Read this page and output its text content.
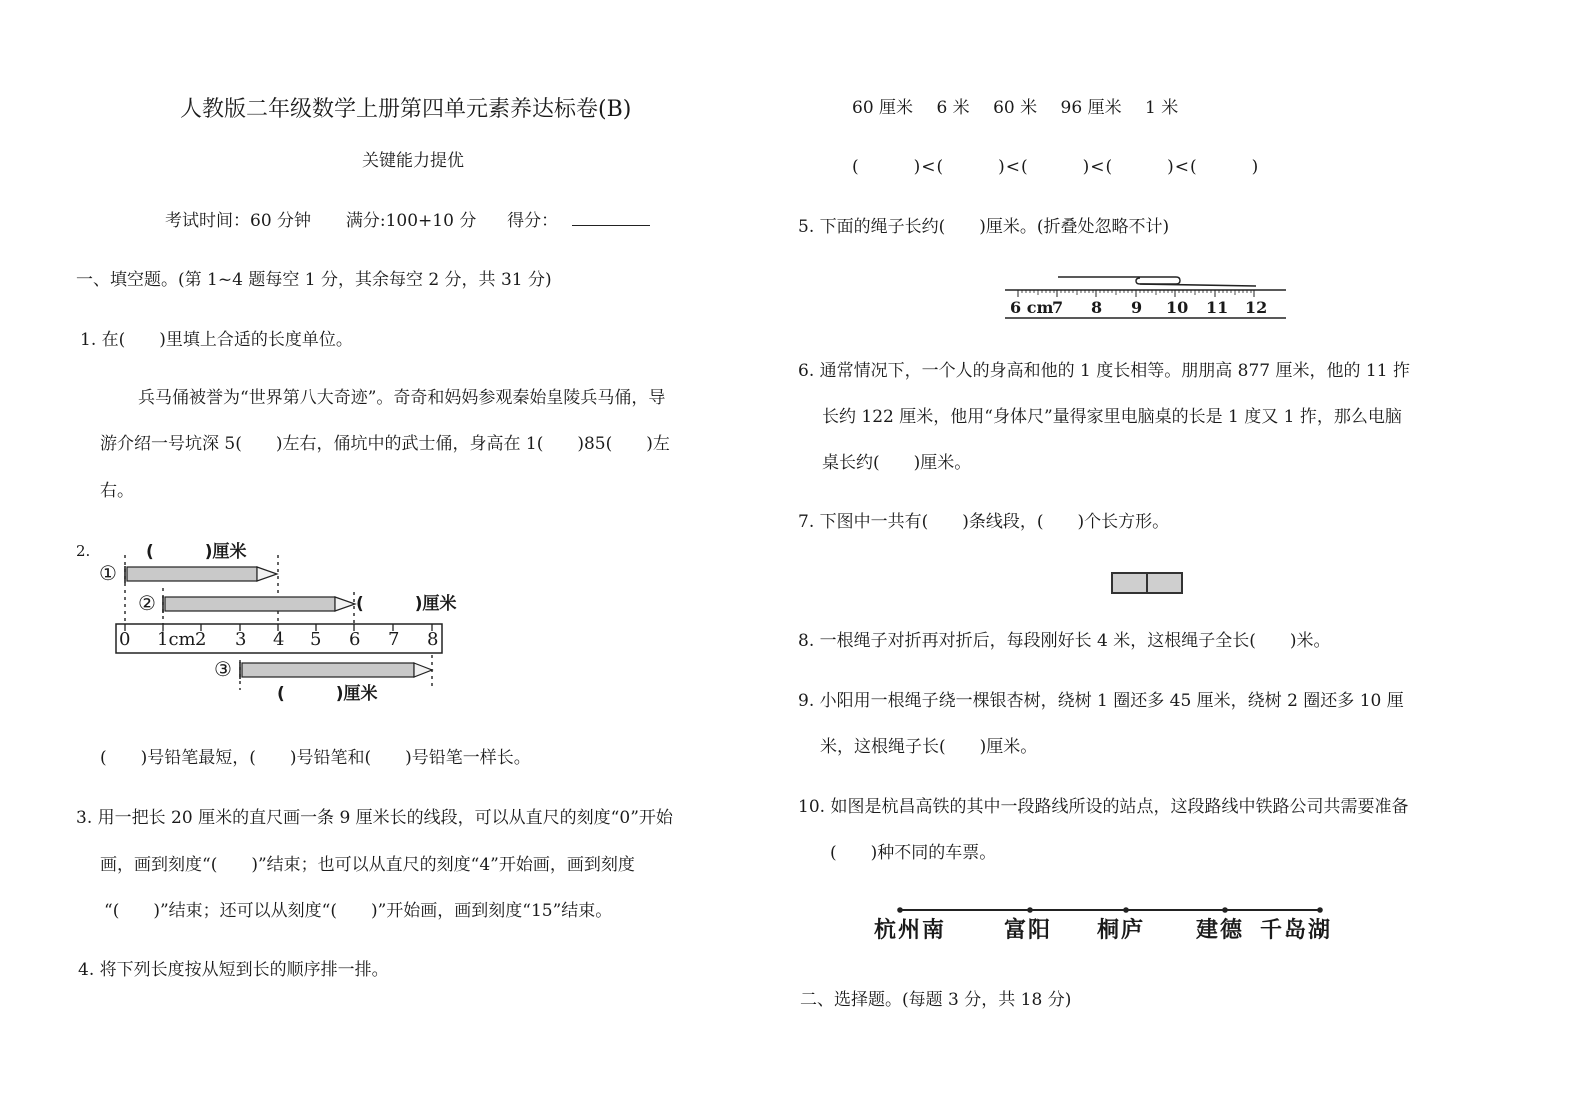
人教版二年级数学上册第四单元素养达标卷(B)
关键能力提优
考试时间：60 分钟 满分:100+10 分 得分：
一、填空题。(第 1~4 题每空 1 分，其余每空 2 分，共 31 分)
1. 在(　　)里填上合适的长度单位。
兵马俑被誉为“世界第八大奇迹”。奇奇和妈妈参观秦始皇陵兵马俑，导
游介绍一号坑深 5(　　)左右，俑坑中的武士俑，身高在 1(　　)85(　　)左
右。
2.
①
②
③
(　　　)厘米
(　　　)厘米
(　　　)厘米
0 1cm 2 3 4 5 6 7 8
(　　)号铅笔最短，(　　)号铅笔和(　　)号铅笔一样长。
3. 用一把长 20 厘米的直尺画一条 9 厘米长的线段，可以从直尺的刻度“0”开始
画，画到刻度“(　　)”结束；也可以从直尺的刻度“4”开始画，画到刻度
“(　　)”结束；还可以从刻度“(　　)”开始画，画到刻度“15”结束。
4. 将下列长度按从短到长的顺序排一排。
60 厘米 6 米 60 米 96 厘米 1 米
(　　　)<(　　　)<(　　　)<(　　　)<(　　　)
5. 下面的绳子长约(　　)厘米。(折叠处忽略不计)
6 cm
7 8 9 10 11 12
6. 通常情况下，一个人的身高和他的 1 度长相等。朋朋高 877 厘米，他的 11 拃
长约 122 厘米，他用“身体尺”量得家里电脑桌的长是 1 度又 1 拃，那么电脑
桌长约(　　)厘米。
7. 下图中一共有(　　)条线段，(　　)个长方形。
8. 一根绳子对折再对折后，每段刚好长 4 米，这根绳子全长(　　)米。
9. 小阳用一根绳子绕一棵银杏树，绕树 1 圈还多 45 厘米，绕树 2 圈还多 10 厘
米，这根绳子长(　　)厘米。
10. 如图是杭昌高铁的其中一段路线所设的站点，这段路线中铁路公司共需要准备
(　　)种不同的车票。
杭州南	富阳 桐庐 建德 千岛湖
二、选择题。(每题 3 分，共 18 分)
